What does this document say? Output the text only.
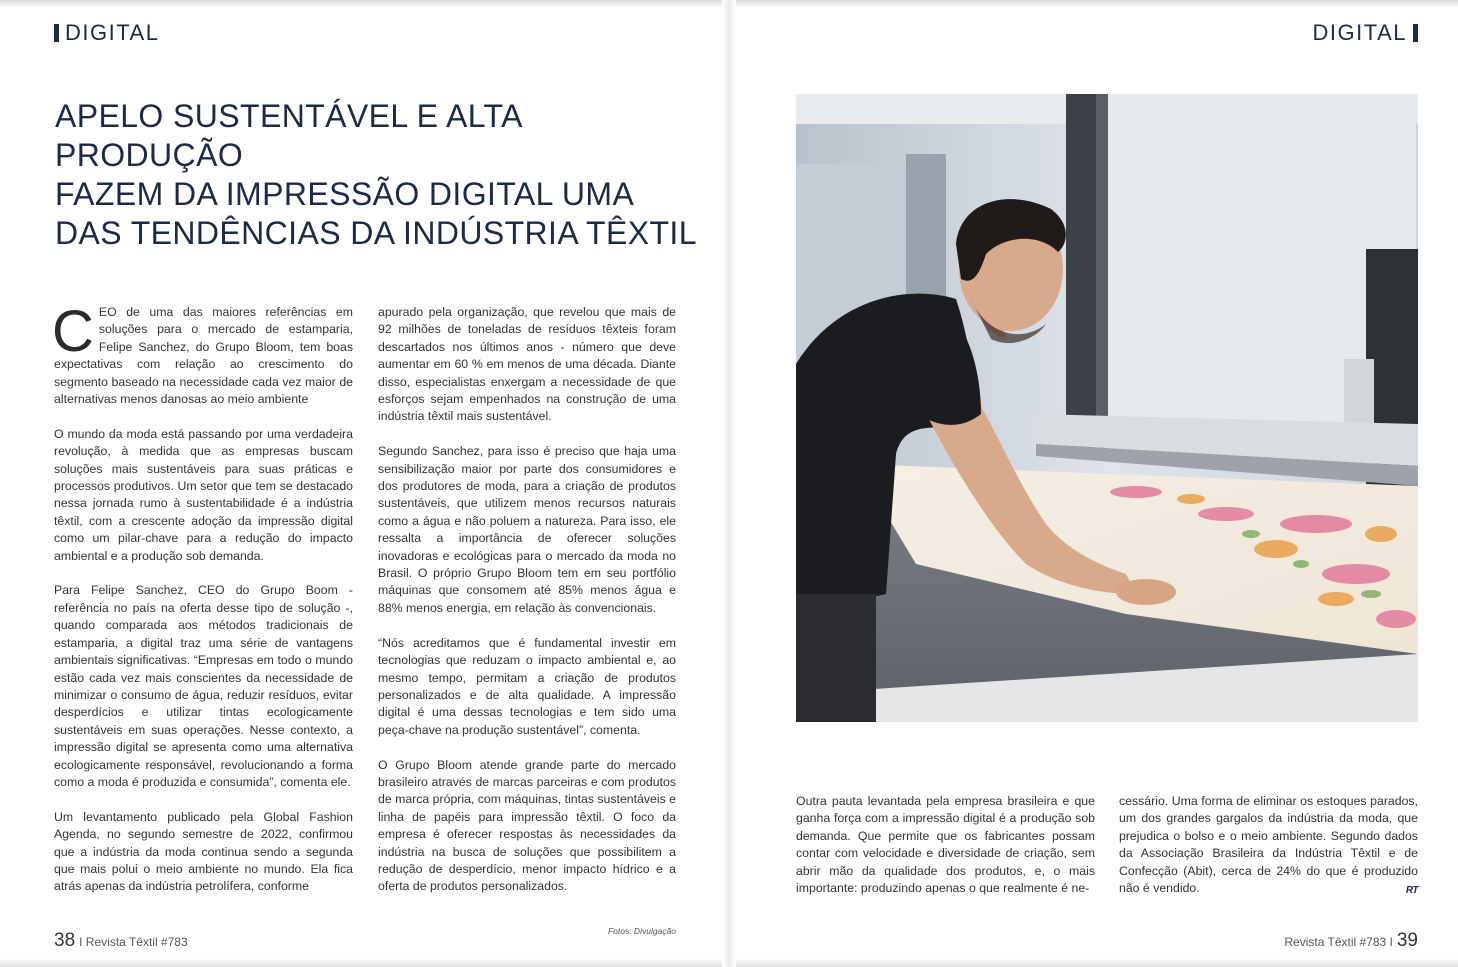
DIGITAL	DIGITAL
APELO SUSTENTÁVEL E ALTA PRODUÇÃO
FAZEM DA IMPRESSÃO DIGITAL UMA
DAS TENDÊNCIAS DA INDÚSTRIA TÊXTIL

CEO de uma das maiores referências em soluções para o mercado de estamparia, Felipe Sanchez, do Grupo Bloom, tem boas expectativas com relação ao crescimento do segmento baseado na necessidade cada vez maior de alternativas menos danosas ao meio ambiente

O mundo da moda está passando por uma verdadeira revolução, à medida que as empresas buscam soluções mais sustentáveis para suas práticas e processos produtivos. Um setor que tem se destacado nessa jornada rumo à sustentabilidade é a indústria têxtil, com a crescente adoção da impressão digital como um pilar-chave para a redução do impacto ambiental e a produção sob demanda.

Para Felipe Sanchez, CEO do Grupo Boom - referência no país na oferta desse tipo de solução -, quando comparada aos métodos tradicionais de estamparia, a digital traz uma série de vantagens ambientais significativas. “Empresas em todo o mundo estão cada vez mais conscientes da necessidade de minimizar o consumo de água, reduzir resíduos, evitar desperdícios e utilizar tintas ecologicamente sustentáveis em suas operações. Nesse contexto, a impressão digital se apresenta como uma alternativa ecologicamente responsável, revolucionando a forma como a moda é produzida e consumida”, comenta ele.

Um levantamento publicado pela Global Fashion Agenda, no segundo semestre de 2022, confirmou que a indústria da moda continua sendo a segunda que mais polui o meio ambiente no mundo. Ela fica atrás apenas da indústria petrolífera, conforme

apurado pela organização, que revelou que mais de 92 milhões de toneladas de resíduos têxteis foram descartados nos últimos anos - número que deve aumentar em 60 % em menos de uma década. Diante disso, especialistas enxergam a necessidade de que esforços sejam empenhados na construção de uma indústria têxtil mais sustentável.

Segundo Sanchez, para isso é preciso que haja uma sensibilização maior por parte dos consumidores e dos produtores de moda, para a criação de produtos sustentáveis, que utilizem menos recursos naturais como a água e não poluem a natureza. Para isso, ele ressalta a importância de oferecer soluções inovadoras e ecológicas para o mercado da moda no Brasil. O próprio Grupo Bloom tem em seu portfólio máquinas que consomem até 85% menos água e 88% menos energia, em relação às convencionais.

“Nós acreditamos que é fundamental investir em tecnologias que reduzam o impacto ambiental e, ao mesmo tempo, permitam a criação de produtos personalizados e de alta qualidade. A impressão digital é uma dessas tecnologias e tem sido uma peça-chave na produção sustentável”, comenta.

O Grupo Bloom atende grande parte do mercado brasileiro através de marcas parceiras e com produtos de marca própria, com máquinas, tintas sustentáveis e linha de papéis para impressão têxtil. O foco da empresa é oferecer respostas às necessidades da indústria na busca de soluções que possibilitem a redução de desperdício, menor impacto hídrico e a oferta de produtos personalizados.

Outra pauta levantada pela empresa brasileira e que ganha força com a impressão digital é a produção sob demanda. Que permite que os fabricantes possam contar com velocidade e diversidade de criação, sem abrir mão da qualidade dos produtos, e, o mais importante: produzindo apenas o que realmente é ne-

cessário. Uma forma de eliminar os estoques parados, um dos grandes gargalos da indústria da moda, que prejudica o bolso e o meio ambiente. Segundo dados da Associação Brasileira da Indústria Têxtil e de Confecção (Abit), cerca de 24% do que é produzido não é vendido.	RT

Fotos: Divulgação
38 I Revista Têxtil #783	Revista Têxtil #783 I 39
